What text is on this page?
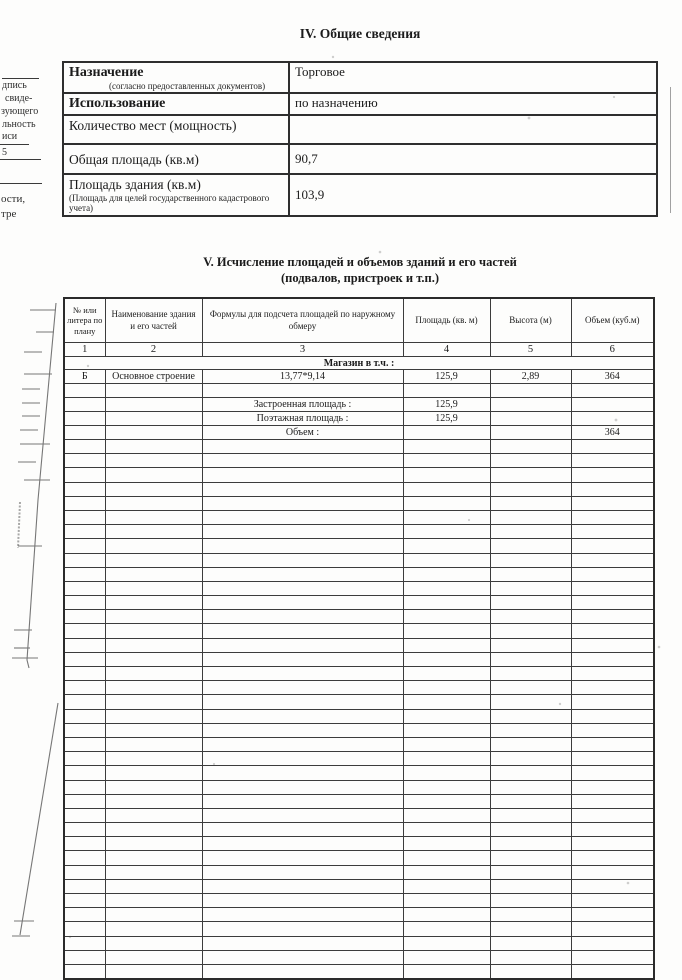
дпись
свиде-
зующего
льность
иси
5
ости,
тре
IV. Общие сведения
Назначение
(согласно предоставленных документов)	Торговое

Использование	по назначению

Количество мест (мощность)	

Общая площадь (кв.м)	90,7

Площадь здания (кв.м)
(Площадь для целей государственного кадастрового учета)	103,9
V. Исчисление площадей и объемов зданий и его частей
(подвалов, пристроек и т.п.)
№ или литера по плану	Наименование здания и его частей	Формулы для подсчета площадей по наружному обмеру	Площадь (кв. м)	Высота (м)	Объем (куб.м)
1	2	3	4	5	6
Магазин в т.ч. :					
Б	Основное строение	13,77*9,14	125,9	2,89	364

		Застроенная площадь :	125,9		
		Поэтажная площадь :	125,9		
		Объем :			364
